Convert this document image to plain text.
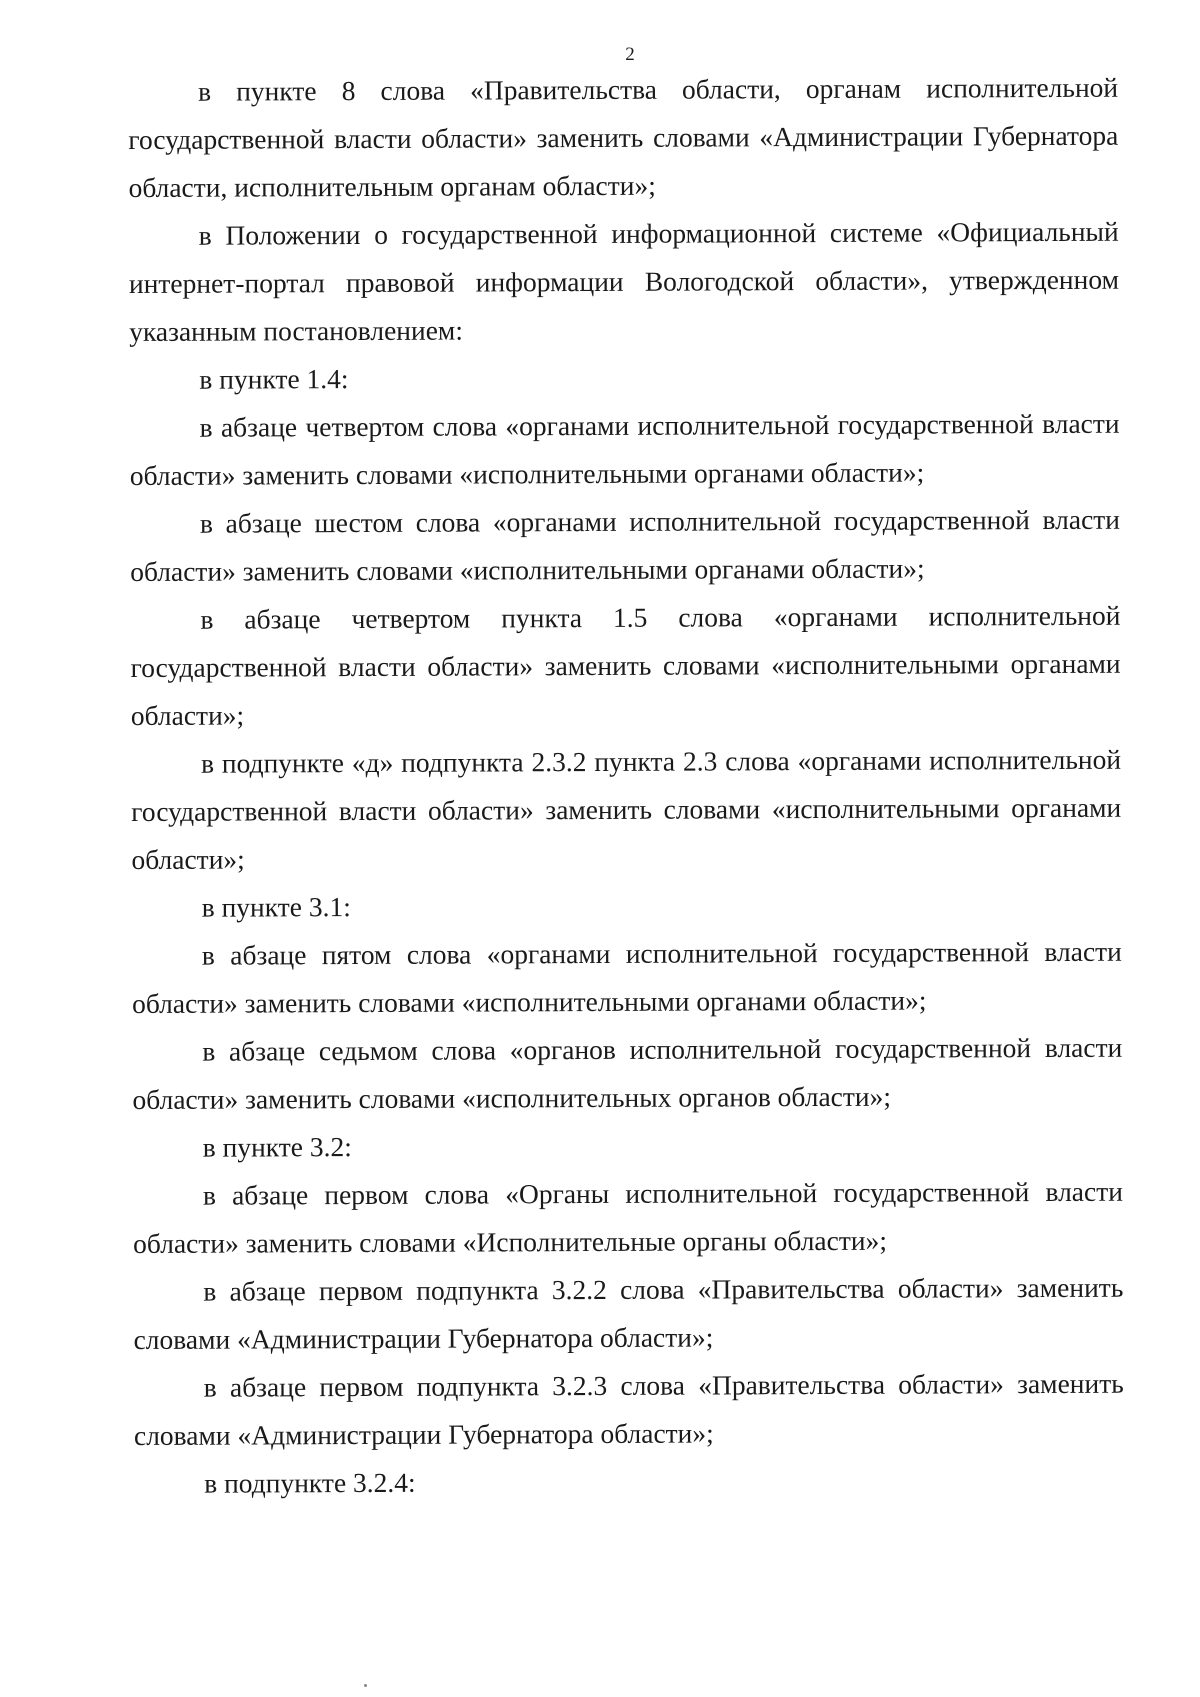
2

в пункте 8 слова «Правительства области, органам исполнительной государственной власти области» заменить словами «Администрации Губернатора области, исполнительным органам области»;

в Положении о государственной информационной системе «Официальный интернет-портал правовой информации Вологодской области», утвержденном указанным постановлением:

в пункте 1.4:

в абзаце четвертом слова «органами исполнительной государственной власти области» заменить словами «исполнительными органами области»;

в абзаце шестом слова «органами исполнительной государственной власти области» заменить словами «исполнительными органами области»;

в абзаце четвертом пункта 1.5 слова «органами исполнительной государственной власти области» заменить словами «исполнительными органами области»;

в подпункте «д» подпункта 2.3.2 пункта 2.3 слова «органами исполнительной государственной власти области» заменить словами «исполнительными органами области»;

в пункте 3.1:

в абзаце пятом слова «органами исполнительной государственной власти области» заменить словами «исполнительными органами области»;

в абзаце седьмом слова «органов исполнительной государственной власти области» заменить словами «исполнительных органов области»;

в пункте 3.2:

в абзаце первом слова «Органы исполнительной государственной власти области» заменить словами «Исполнительные органы области»;

в абзаце первом подпункта 3.2.2 слова «Правительства области» заменить словами «Администрации Губернатора области»;

в абзаце первом подпункта 3.2.3 слова «Правительства области» заменить словами «Администрации Губернатора области»;

в подпункте 3.2.4:
